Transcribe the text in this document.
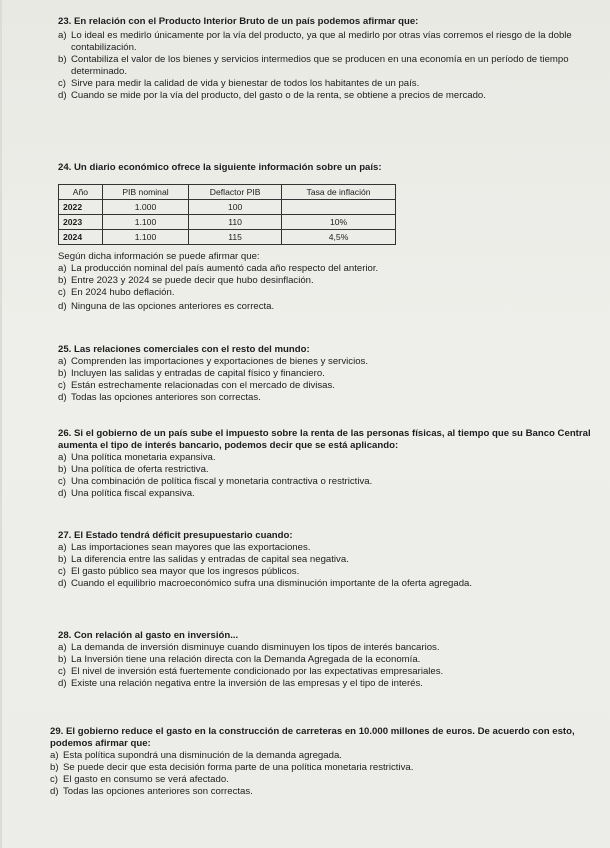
23. En relación con el Producto Interior Bruto de un país podemos afirmar que:
a) Lo ideal es medirlo únicamente por la vía del producto, ya que al medirlo por otras vías corremos el riesgo de la doble contabilización.
b) Contabiliza el valor de los bienes y servicios intermedios que se producen en una economía en un período de tiempo determinado.
c) Sirve para medir la calidad de vida y bienestar de todos los habitantes de un país.
d) Cuando se mide por la vía del producto, del gasto o de la renta, se obtiene a precios de mercado.
24. Un diario económico ofrece la siguiente información sobre un país:
Año	PIB nominal	Deflactor PIB	Tasa de inflación
2022	1.000	100	
2023	1.100	110	10%
2024	1.100	115	4,5%
Según dicha información se puede afirmar que:
a) La producción nominal del país aumentó cada año respecto del anterior.
b) Entre 2023 y 2024 se puede decir que hubo desinflación.
c) En 2024 hubo deflación.
d) Ninguna de las opciones anteriores es correcta.
25. Las relaciones comerciales con el resto del mundo:
a) Comprenden las importaciones y exportaciones de bienes y servicios.
b) Incluyen las salidas y entradas de capital físico y financiero.
c) Están estrechamente relacionadas con el mercado de divisas.
d) Todas las opciones anteriores son correctas.
26. Si el gobierno de un país sube el impuesto sobre la renta de las personas físicas, al tiempo que su Banco Central aumenta el tipo de interés bancario, podemos decir que se está aplicando:
a) Una política monetaria expansiva.
b) Una política de oferta restrictiva.
c) Una combinación de política fiscal y monetaria contractiva o restrictiva.
d) Una política fiscal expansiva.
27. El Estado tendrá déficit presupuestario cuando:
a) Las importaciones sean mayores que las exportaciones.
b) La diferencia entre las salidas y entradas de capital sea negativa.
c) El gasto público sea mayor que los ingresos públicos.
d) Cuando el equilibrio macroeconómico sufra una disminución importante de la oferta agregada.
28. Con relación al gasto en inversión...
a) La demanda de inversión disminuye cuando disminuyen los tipos de interés bancarios.
b) La Inversión tiene una relación directa con la Demanda Agregada de la economía.
c) El nivel de inversión está fuertemente condicionado por las expectativas empresariales.
d) Existe una relación negativa entre la inversión de las empresas y el tipo de interés.
29. El gobierno reduce el gasto en la construcción de carreteras en 10.000 millones de euros. De acuerdo con esto, podemos afirmar que:
a) Esta política supondrá una disminución de la demanda agregada.
b) Se puede decir que esta decisión forma parte de una política monetaria restrictiva.
c) El gasto en consumo se verá afectado.
d) Todas las opciones anteriores son correctas.
